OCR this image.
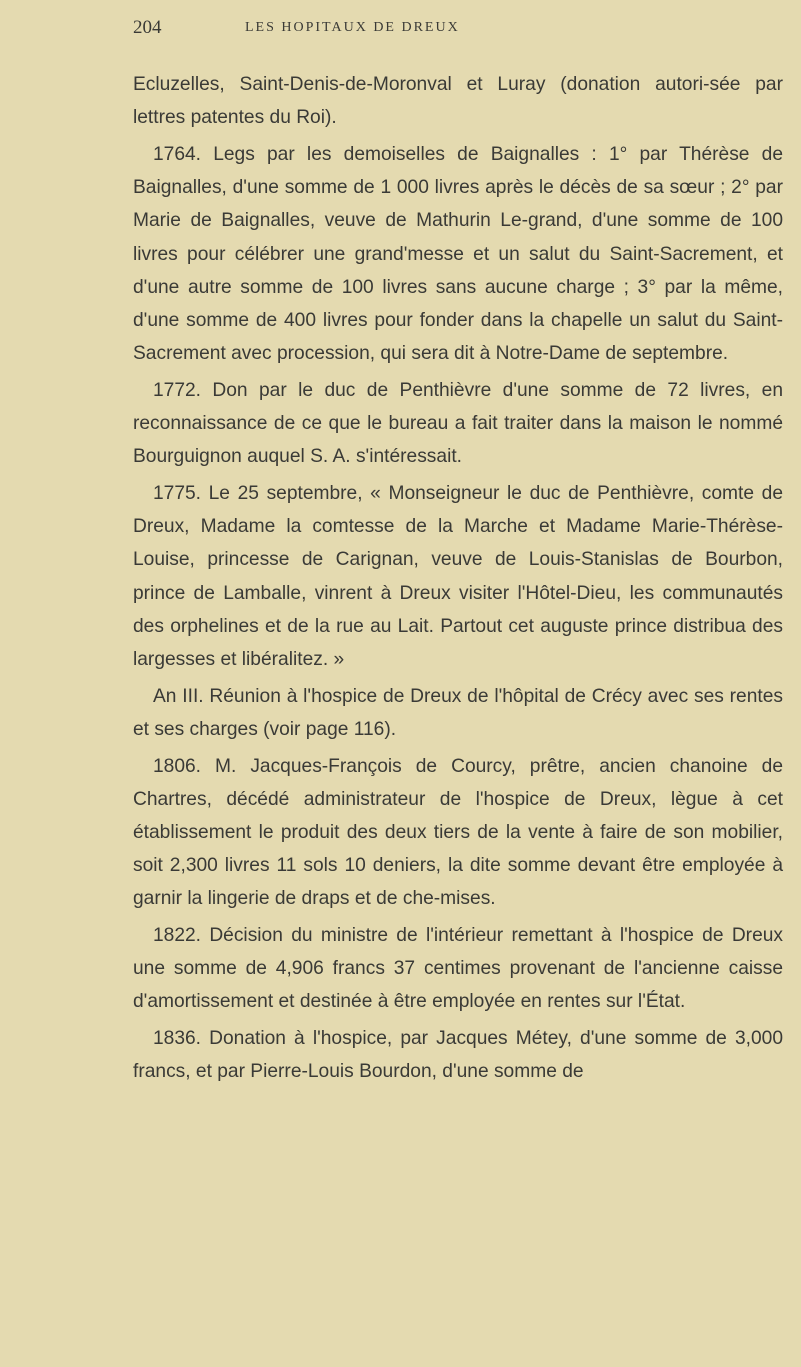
204	LES HOPITAUX DE DREUX

Ecluzelles, Saint-Denis-de-Moronval et Luray (donation autori-sée par lettres patentes du Roi).

1764. Legs par les demoiselles de Baignalles : 1° par Thérèse de Baignalles, d'une somme de 1 000 livres après le décès de sa sœur ; 2° par Marie de Baignalles, veuve de Mathurin Le-grand, d'une somme de 100 livres pour célébrer une grand'messe et un salut du Saint-Sacrement, et d'une autre somme de 100 livres sans aucune charge ; 3° par la même, d'une somme de 400 livres pour fonder dans la chapelle un salut du Saint-Sacrement avec procession, qui sera dit à Notre-Dame de septembre.

1772. Don par le duc de Penthièvre d'une somme de 72 livres, en reconnaissance de ce que le bureau a fait traiter dans la maison le nommé Bourguignon auquel S. A. s'intéressait.

1775. Le 25 septembre, « Monseigneur le duc de Penthièvre, comte de Dreux, Madame la comtesse de la Marche et Madame Marie-Thérèse-Louise, princesse de Carignan, veuve de Louis-Stanislas de Bourbon, prince de Lamballe, vinrent à Dreux visiter l'Hôtel-Dieu, les communautés des orphelines et de la rue au Lait. Partout cet auguste prince distribua des largesses et libéralitez. »

An III. Réunion à l'hospice de Dreux de l'hôpital de Crécy avec ses rentes et ses charges (voir page 116).

1806. M. Jacques-François de Courcy, prêtre, ancien chanoine de Chartres, décédé administrateur de l'hospice de Dreux, lègue à cet établissement le produit des deux tiers de la vente à faire de son mobilier, soit 2,300 livres 11 sols 10 deniers, la dite somme devant être employée à garnir la lingerie de draps et de che-mises.

1822. Décision du ministre de l'intérieur remettant à l'hospice de Dreux une somme de 4,906 francs 37 centimes provenant de l'ancienne caisse d'amortissement et destinée à être employée en rentes sur l'État.

1836. Donation à l'hospice, par Jacques Métey, d'une somme de 3,000 francs, et par Pierre-Louis Bourdon, d'une somme de
